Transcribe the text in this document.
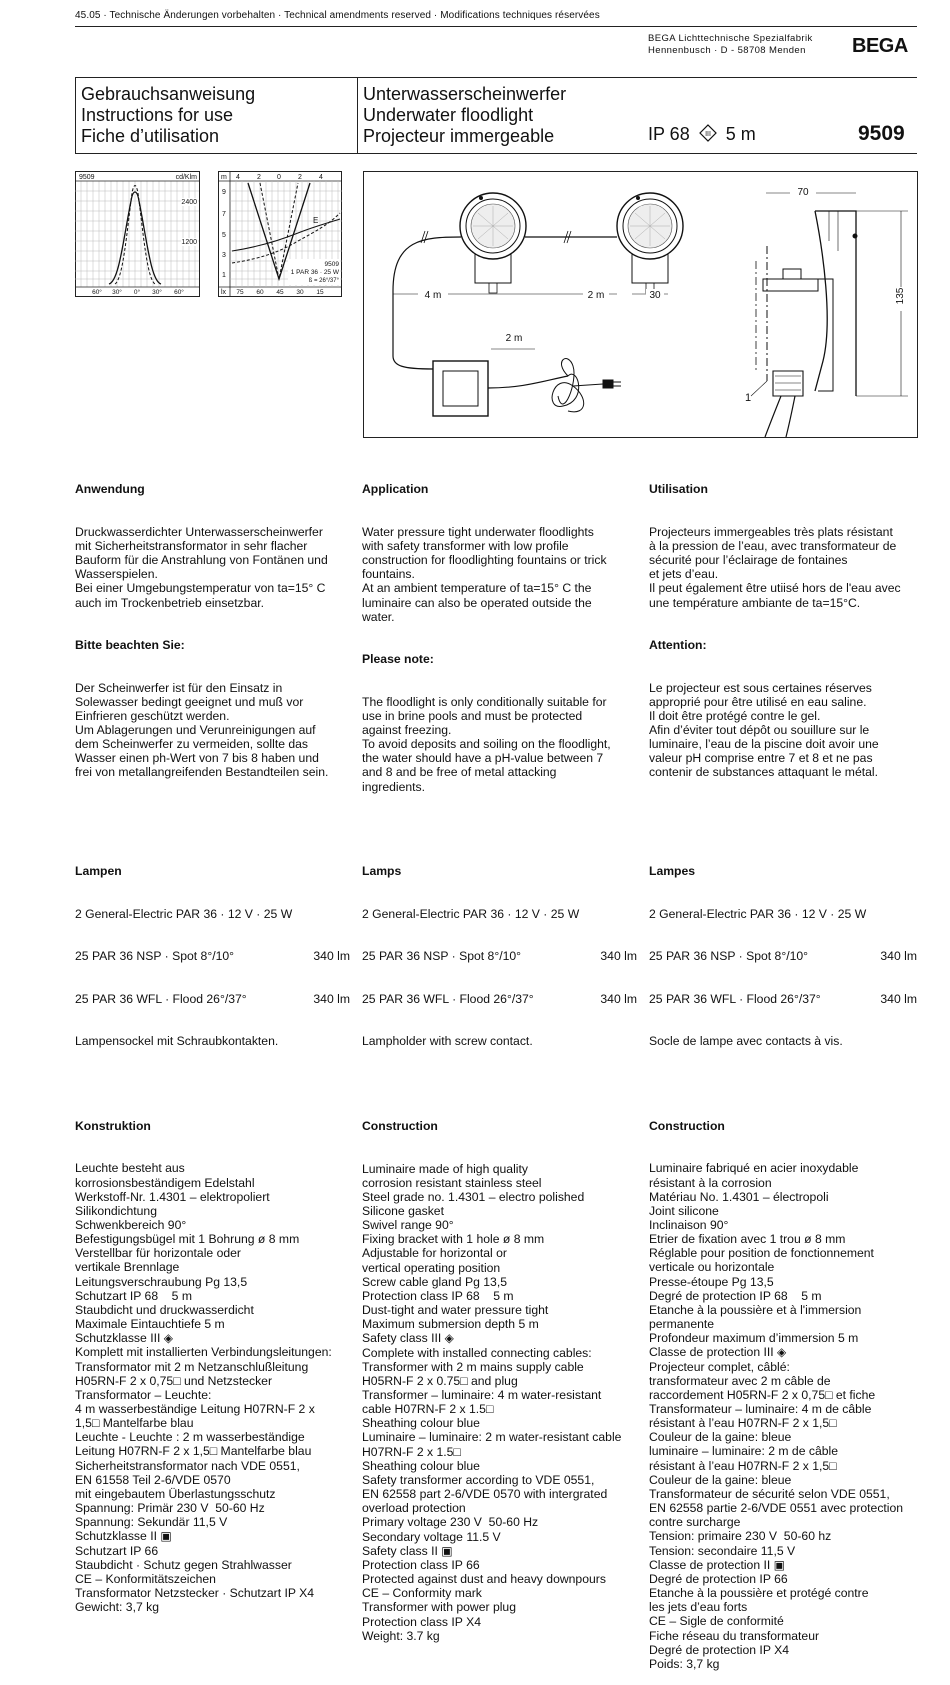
45.05 · Technische Änderungen vorbehalten · Technical amendments reserved · Modifications techniques réservées
BEGA Lichttechnische Spezialfabrik
Hennenbusch · D - 58708 Menden	BEGA
Gebrauchsanweisung
Instructions for use
Fiche d’utilisation
Unterwasserscheinwerfer
Underwater floodlight
Projecteur immergeable	IP 68 III 5 m	9509
9509	cd/Klm
2400
1200
60° 30° 0° 30° 60°
m 4 2 0 2 4
9
7
5
3
1
E
9509
1 PAR 36 · 25 W
ß = 26°/37°
lx 75 60 45 30 15	4 m	2 m	30
2 m
70
135
1

Anwendung

Druckwasserdichter Unterwasserscheinwerfer
mit Sicherheitstransformator in sehr flacher
Bauform für die Anstrahlung von Fontänen und
Wasserspielen.
Bei einer Umgebungstemperatur von ta=15° C
auch im Trockenbetrieb einsetzbar.

Bitte beachten Sie:

Der Scheinwerfer ist für den Einsatz in
Solewasser bedingt geeignet und muß vor
Einfrieren geschützt werden.
Um Ablagerungen und Verunreinigungen auf
dem Scheinwerfer zu vermeiden, sollte das
Wasser einen ph-Wert von 7 bis 8 haben und
frei von metallangreifenden Bestandteilen sein.

Lampen

2 General-Electric PAR 36 · 12 V · 25 W

25 PAR 36 NSP · Spot 8°/10°	340 lm

25 PAR 36 WFL · Flood 26°/37°	340 lm

Lampensockel mit Schraubkontakten.

Konstruktion

Leuchte besteht aus
korrosionsbeständigem Edelstahl
Werkstoff-Nr. 1.4301 – elektropoliert
Silikondichtung
Schwenkbereich 90°
Befestigungsbügel mit 1 Bohrung ø 8 mm
Verstellbar für horizontale oder
vertikale Brennlage
Leitungsverschraubung Pg 13,5
Schutzart IP 68    5 m
Staubdicht und druckwasserdicht
Maximale Eintauchtiefe 5 m
Schutzklasse III ◈
Komplett mit installierten Verbindungsleitungen:
Transformator mit 2 m Netzanschlußleitung
H05RN-F 2 x 0,75□ und Netzstecker
Transformator – Leuchte:
4 m wasserbeständige Leitung H07RN-F 2 x
1,5□ Mantelfarbe blau
Leuchte - Leuchte : 2 m wasserbeständige
Leitung H07RN-F 2 x 1,5□ Mantelfarbe blau
Sicherheitstransformator nach VDE 0551,
EN 61558 Teil 2-6/VDE 0570
mit eingebautem Überlastungsschutz
Spannung: Primär 230 V  50-60 Hz
Spannung: Sekundär 11,5 V
Schutzklasse II ▣
Schutzart IP 66
Staubdicht · Schutz gegen Strahlwasser
CE – Konformitätszeichen
Transformator Netzstecker · Schutzart IP X4
Gewicht: 3,7 kg

Application

Water pressure tight underwater floodlights
with safety transformer with low profile
construction for floodlighting fountains or trick
fountains.
At an ambient temperature of ta=15° C the
luminaire can also be operated outside the
water.

Please note:

The floodlight is only conditionally suitable for
use in brine pools and must be protected
against freezing.
To avoid deposits and soiling on the floodlight,
the water should have a pH-value between 7
and 8 and be free of metal attacking
ingredients.

Lamps

2 General-Electric PAR 36 · 12 V · 25 W

25 PAR 36 NSP · Spot 8°/10°	340 lm

25 PAR 36 WFL · Flood 26°/37°	340 lm

Lampholder with screw contact.

Construction

Luminaire made of high quality
corrosion resistant stainless steel
Steel grade no. 1.4301 – electro polished
Silicone gasket
Swivel range 90°
Fixing bracket with 1 hole ø 8 mm
Adjustable for horizontal or
vertical operating position
Screw cable gland Pg 13,5
Protection class IP 68    5 m
Dust-tight and water pressure tight
Maximum submersion depth 5 m
Safety class III ◈
Complete with installed connecting cables:
Transformer with 2 m mains supply cable
H05RN-F 2 x 0.75□ and plug
Transformer – luminaire: 4 m water-resistant
cable H07RN-F 2 x 1.5□
Sheathing colour blue
Luminaire – luminaire: 2 m water-resistant cable
H07RN-F 2 x 1.5□
Sheathing colour blue
Safety transformer according to VDE 0551,
EN 62558 part 2-6/VDE 0570 with intergrated
overload protection
Primary voltage 230 V  50-60 Hz
Secondary voltage 11.5 V
Safety class II ▣
Protection class IP 66
Protected against dust and heavy downpours
CE – Conformity mark
Transformer with power plug
Protection class IP X4
Weight: 3.7 kg

Utilisation

Projecteurs immergeables très plats résistant
à la pression de l’eau, avec transformateur de
sécurité pour l’éclairage de fontaines
et jets d’eau.
Il peut également être utiisé hors de l'eau avec
une température ambiante de ta=15°C.

Attention:

Le projecteur est sous certaines réserves
approprié pour être utilisé en eau saline.
Il doit être protégé contre le gel.
Afin d’éviter tout dépôt ou souillure sur le
luminaire, l’eau de la piscine doit avoir une
valeur pH comprise entre 7 et 8 et ne pas
contenir de substances attaquant le métal.

Lampes

2 General-Electric PAR 36 · 12 V · 25 W

25 PAR 36 NSP · Spot 8°/10°	340 lm

25 PAR 36 WFL · Flood 26°/37°	340 lm

Socle de lampe avec contacts à vis.

Construction

Luminaire fabriqué en acier inoxydable
résistant à la corrosion
Matériau No. 1.4301 – électropoli
Joint silicone
Inclinaison 90°
Etrier de fixation avec 1 trou ø 8 mm
Réglable pour position de fonctionnement
verticale ou horizontale
Presse-étoupe Pg 13,5
Degré de protection IP 68    5 m
Etanche à la poussière et à l'immersion
permanente
Profondeur maximum d’immersion 5 m
Classe de protection III ◈
Projecteur complet, câblé:
transformateur avec 2 m câble de
raccordement H05RN-F 2 x 0,75□ et fiche
Transformateur – luminaire: 4 m de câble
résistant à l’eau H07RN-F 2 x 1,5□
Couleur de la gaine: bleue
luminaire – luminaire: 2 m de câble
résistant à l’eau H07RN-F 2 x 1,5□
Couleur de la gaine: bleue
Transformateur de sécurité selon VDE 0551,
EN 62558 partie 2-6/VDE 0551 avec protection
contre surcharge
Tension: primaire 230 V  50-60 hz
Tension: secondaire 11,5 V
Classe de protection II ▣
Degré de protection IP 66
Etanche à la poussière et protégé contre
les jets d’eau forts
CE – Sigle de conformité
Fiche réseau du transformateur
Degré de protection IP X4
Poids: 3,7 kg
